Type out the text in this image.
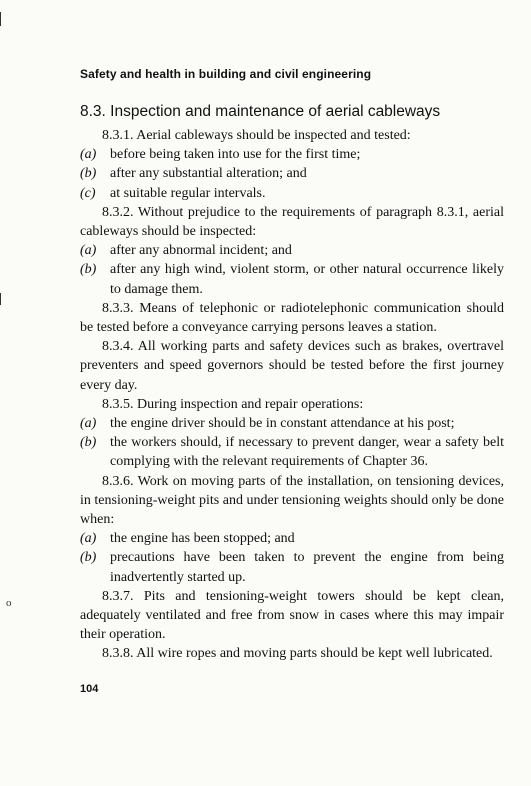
o
Safety and health in building and civil engineering
8.3. Inspection and maintenance of aerial cableways

8.3.1. Aerial cableways should be inspected and tested:

(a) before being taken into use for the first time;

(b) after any substantial alteration; and

(c) at suitable regular intervals.

8.3.2. Without prejudice to the requirements of paragraph 8.3.1, aerial cableways should be inspected:

(a) after any abnormal incident; and

(b) after any high wind, violent storm, or other natural occurrence likely to damage them.

8.3.3. Means of telephonic or radiotelephonic communication should be tested before a conveyance carrying persons leaves a station.

8.3.4. All working parts and safety devices such as brakes, overtravel preventers and speed governors should be tested before the first journey every day.

8.3.5. During inspection and repair operations:

(a) the engine driver should be in constant attendance at his post;

(b) the workers should, if necessary to prevent danger, wear a safety belt complying with the relevant requirements of Chapter 36.

8.3.6. Work on moving parts of the installation, on tensioning devices, in tensioning-weight pits and under tensioning weights should only be done when:

(a) the engine has been stopped; and

(b) precautions have been taken to prevent the engine from being inadvertently started up.

8.3.7. Pits and tensioning-weight towers should be kept clean, adequately ventilated and free from snow in cases where this may impair their operation.

8.3.8. All wire ropes and moving parts should be kept well lubricated.

104
